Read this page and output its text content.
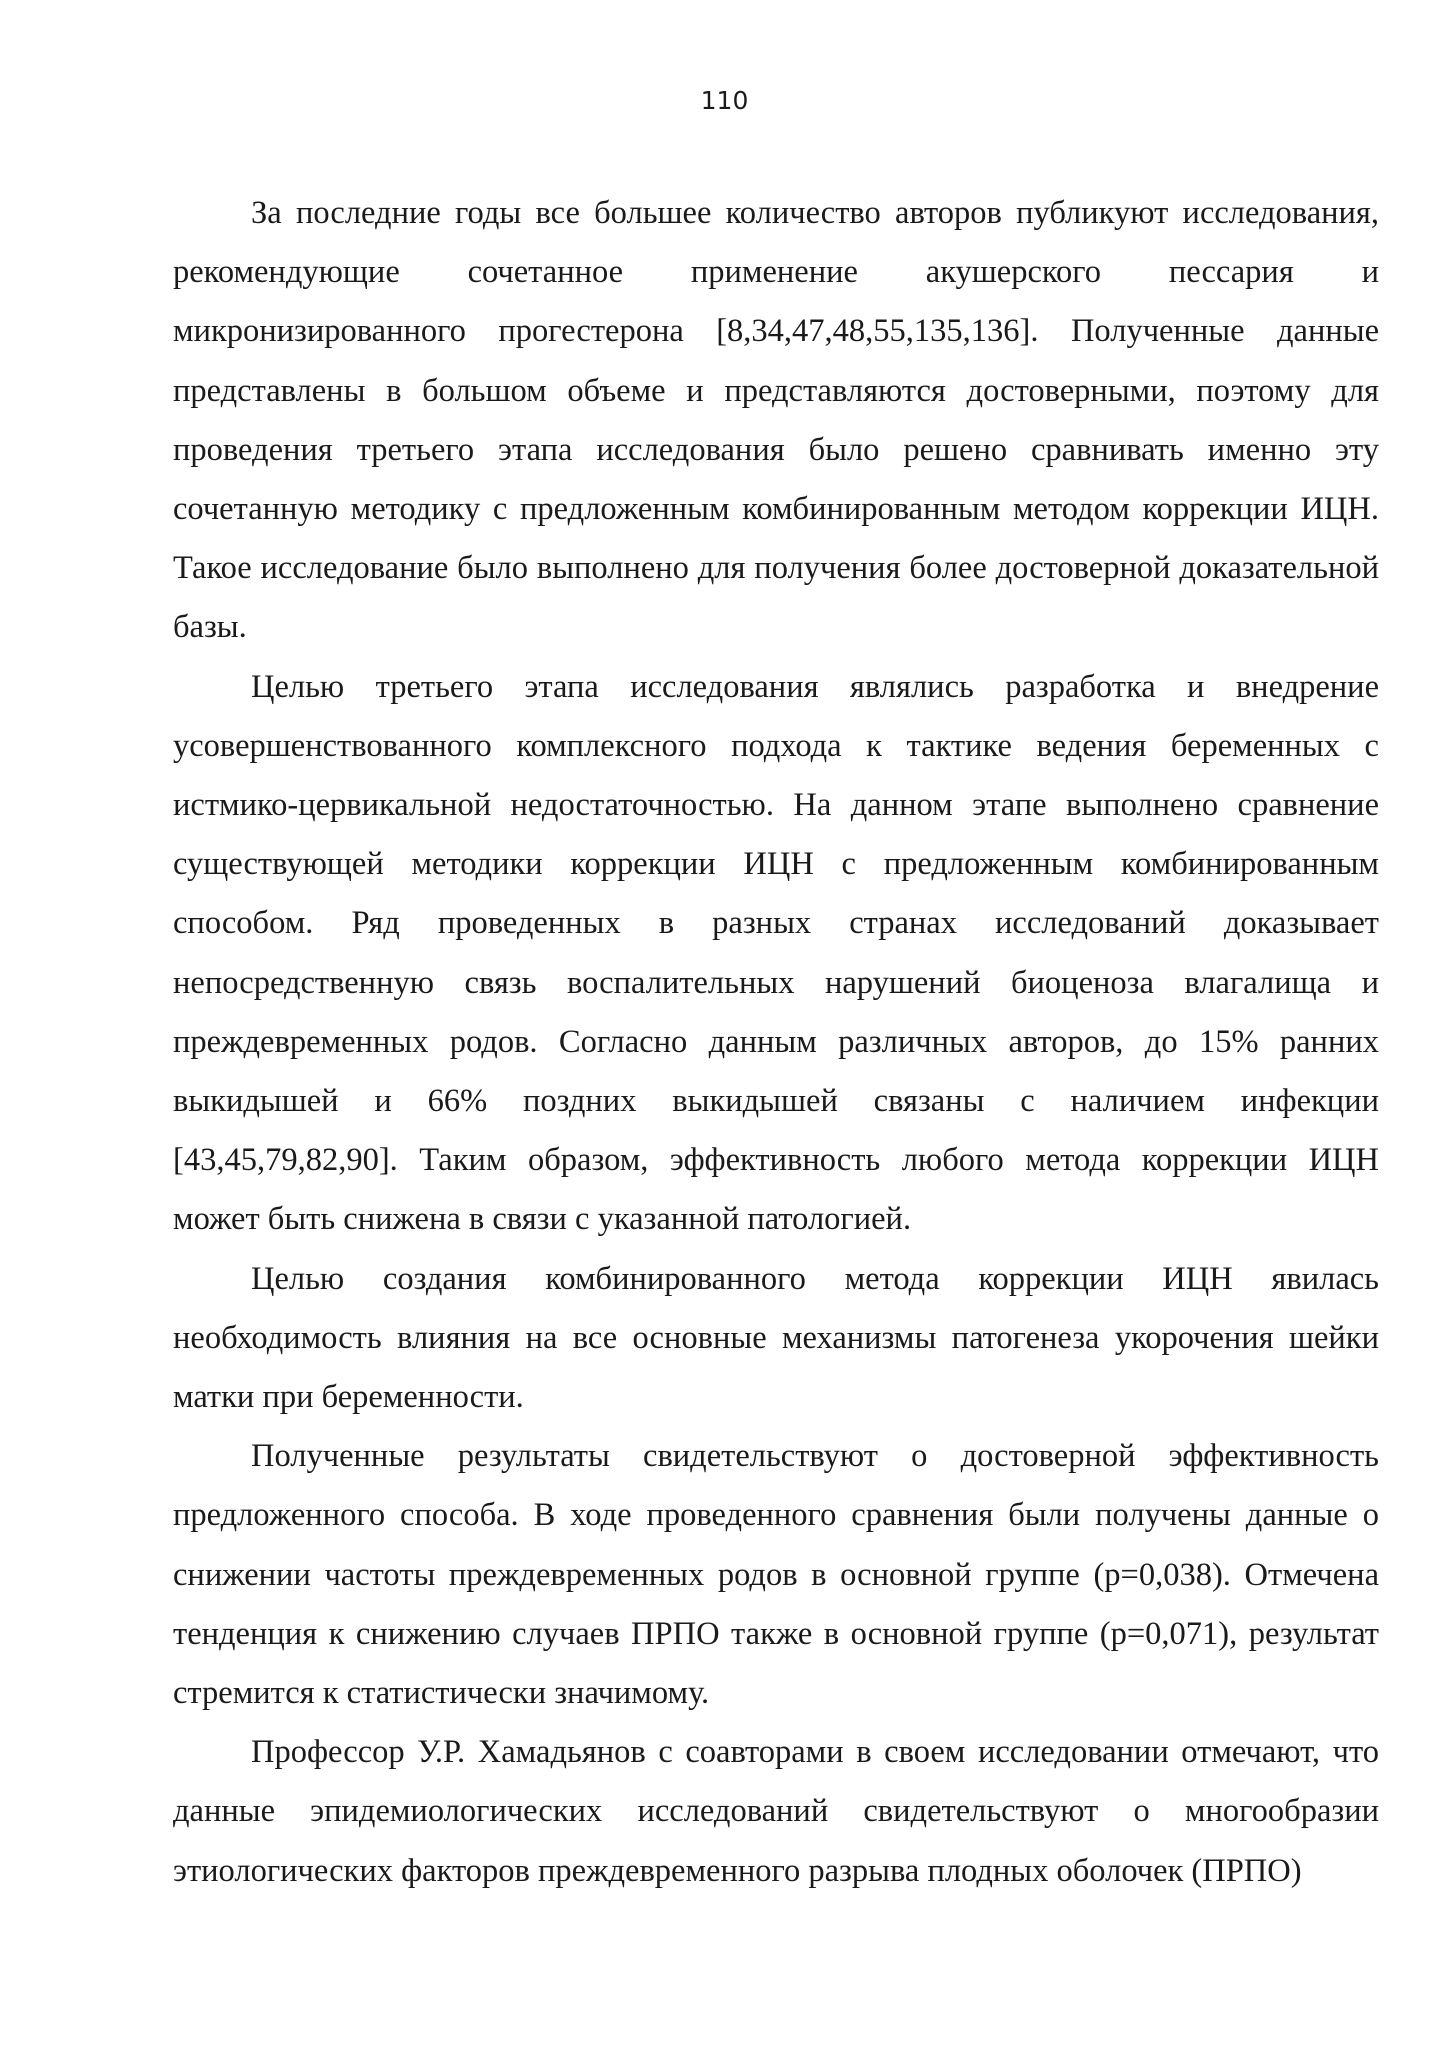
110

За последние годы все большее количество авторов публикуют исследования, рекомендующие сочетанное применение акушерского пессария и микронизированного прогестерона [8,34,47,48,55,135,136]. Полученные данные представлены в большом объеме и представляются достоверными, поэтому для проведения третьего этапа исследования было решено сравнивать именно эту сочетанную методику с предложенным комбинированным методом коррекции ИЦН. Такое исследование было выполнено для получения более достоверной доказательной базы.

Целью третьего этапа исследования являлись разработка и внедрение усовершенствованного комплексного подхода к тактике ведения беременных с истмико-цервикальной недостаточностью. На данном этапе выполнено сравнение существующей методики коррекции ИЦН с предложенным комбинированным способом. Ряд проведенных в разных странах исследований доказывает непосредственную связь воспалительных нарушений биоценоза влагалища и преждевременных родов. Согласно данным различных авторов, до 15% ранних выкидышей и 66% поздних выкидышей связаны с наличием инфекции [43,45,79,82,90]. Таким образом, эффективность любого метода коррекции ИЦН может быть снижена в связи с указанной патологией.

Целью создания комбинированного метода коррекции ИЦН явилась необходимость влияния на все основные механизмы патогенеза укорочения шейки матки при беременности.

Полученные результаты свидетельствуют о достоверной эффективность предложенного способа. В ходе проведенного сравнения были получены данные о снижении частоты преждевременных родов в основной группе (p=0,038). Отмечена тенденция к снижению случаев ПРПО также в основной группе (p=0,071), результат стремится к статистически значимому.

Профессор У.Р. Хамадьянов с соавторами в своем исследовании отмечают, что данные эпидемиологических исследований свидетельствуют о многообразии этиологических факторов преждевременного разрыва плодных оболочек (ПРПО)
